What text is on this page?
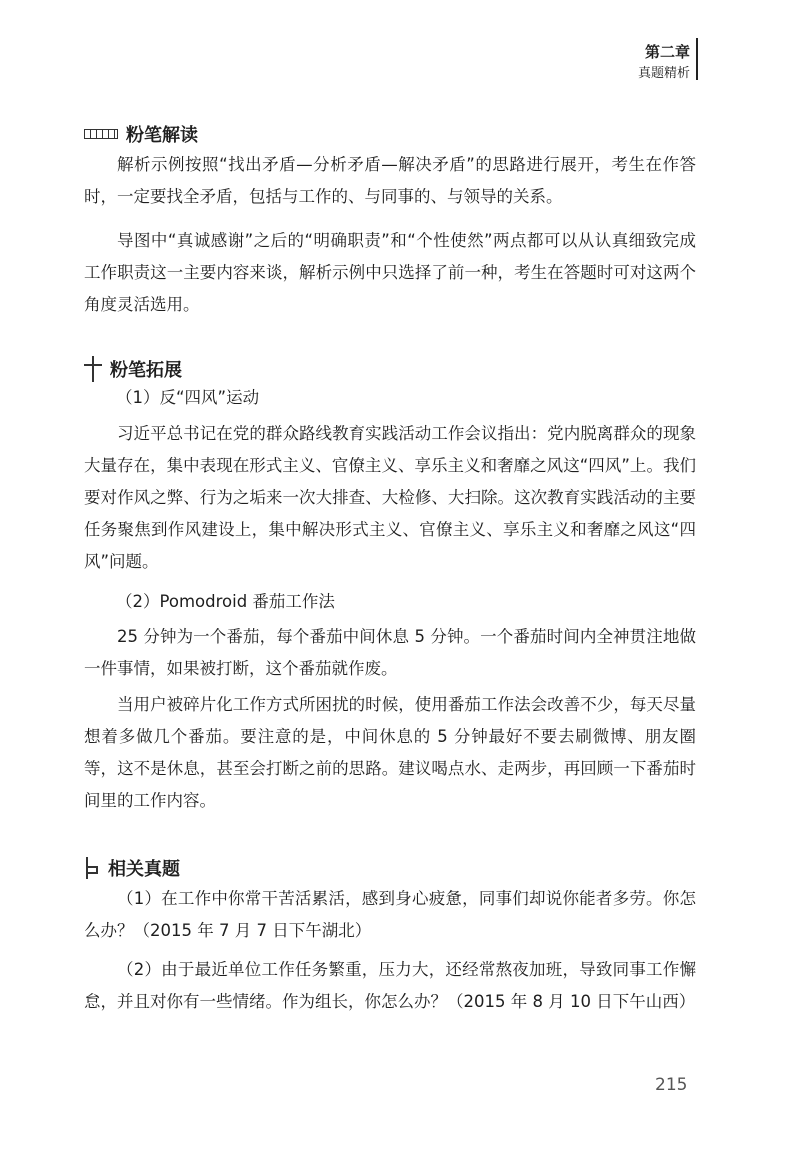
第二章
真题精析
粉笔解读
解析示例按照“找出矛盾—分析矛盾—解决矛盾”的思路进行展开，考生在作答时，一定要找全矛盾，包括与工作的、与同事的、与领导的关系。
导图中“真诚感谢”之后的“明确职责”和“个性使然”两点都可以从认真细致完成工作职责这一主要内容来谈，解析示例中只选择了前一种，考生在答题时可对这两个角度灵活选用。
粉笔拓展
（1）反“四风”运动
习近平总书记在党的群众路线教育实践活动工作会议指出：党内脱离群众的现象大量存在，集中表现在形式主义、官僚主义、享乐主义和奢靡之风这“四风”上。我们要对作风之弊、行为之垢来一次大排查、大检修、大扫除。这次教育实践活动的主要任务聚焦到作风建设上，集中解决形式主义、官僚主义、享乐主义和奢靡之风这“四风”问题。
（2）Pomodroid 番茄工作法
25 分钟为一个番茄，每个番茄中间休息 5 分钟。一个番茄时间内全神贯注地做一件事情，如果被打断，这个番茄就作废。
当用户被碎片化工作方式所困扰的时候，使用番茄工作法会改善不少，每天尽量想着多做几个番茄。要注意的是，中间休息的 5 分钟最好不要去刷微博、朋友圈等，这不是休息，甚至会打断之前的思路。建议喝点水、走两步，再回顾一下番茄时间里的工作内容。
相关真题
（1）在工作中你常干苦活累活，感到身心疲惫，同事们却说你能者多劳。你怎么办？（2015 年 7 月 7 日下午湖北）
（2）由于最近单位工作任务繁重，压力大，还经常熬夜加班，导致同事工作懈怠，并且对你有一些情绪。作为组长，你怎么办？（2015 年 8 月 10 日下午山西）
215
